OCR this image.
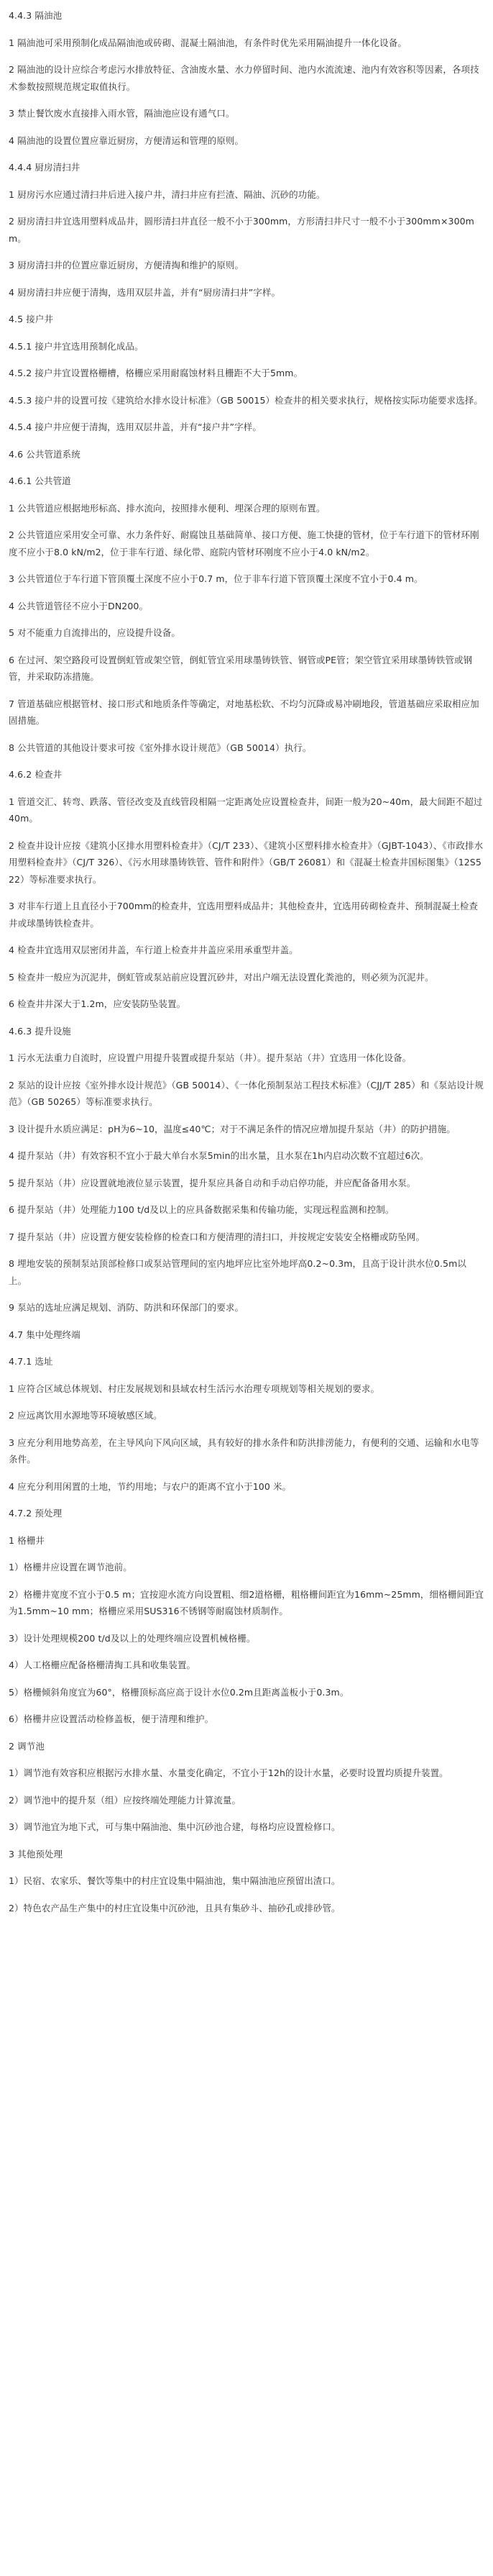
4.4.3 隔油池

1 隔油池可采用预制化成品隔油池或砖砌、混凝土隔油池，有条件时优先采用隔油提升一体化设备。

2 隔油池的设计应综合考虑污水排放特征、含油废水量、水力停留时间、池内水流流速、池内有效容积等因素，各项技术参数按照规范规定取值执行。

3 禁止餐饮废水直接排入雨水管，隔油池应设有通气口。

4 隔油池的设置位置应靠近厨房，方便清运和管理的原则。

4.4.4 厨房清扫井

1 厨房污水应通过清扫井后进入接户井，清扫井应有拦渣、隔油、沉砂的功能。

2 厨房清扫井宜选用塑料成品井，圆形清扫井直径一般不小于300mm，方形清扫井尺寸一般不小于300mm×300mm。

3 厨房清扫井的位置应靠近厨房，方便清掏和维护的原则。

4 厨房清扫井应便于清掏，选用双层井盖，并有“厨房清扫井”字样。

4.5 接户井

4.5.1 接户井宜选用预制化成品。

4.5.2 接户井宜设置格栅槽，格栅应采用耐腐蚀材料且栅距不大于5mm。

4.5.3 接户井的设置可按《建筑给水排水设计标准》（GB 50015）检查井的相关要求执行，规格按实际功能要求选择。

4.5.4 接户井应便于清掏，选用双层井盖，并有“接户井”字样。

4.6 公共管道系统

4.6.1 公共管道

1 公共管道应根据地形标高、排水流向，按照排水便利、埋深合理的原则布置。

2 公共管道应采用安全可靠、水力条件好、耐腐蚀且基础简单、接口方便、施工快捷的管材，位于车行道下的管材环刚度不应小于8.0 kN/m2，位于非车行道、绿化带、庭院内管材环刚度不应小于4.0 kN/m2。

3 公共管道位于车行道下管顶覆土深度不应小于0.7 m，位于非车行道下管顶覆土深度不宜小于0.4 m。

4 公共管道管径不应小于DN200。

5 对不能重力自流排出的，应设提升设备。

6 在过河、架空路段可设置倒虹管或架空管，倒虹管宜采用球墨铸铁管、钢管或PE管；架空管宜采用球墨铸铁管或钢管，并采取防冻措施。

7 管道基础应根据管材、接口形式和地质条件等确定，对地基松软、不均匀沉降或易冲刷地段，管道基础应采取相应加固措施。

8 公共管道的其他设计要求可按《室外排水设计规范》（GB 50014）执行。

4.6.2 检查井

1 管道交汇、转弯、跌落、管径改变及直线管段相隔一定距离处应设置检查井，间距一般为20~40m，最大间距不超过40m。

2 检查井设计应按《建筑小区排水用塑料检查井》（CJ/T 233）、《建筑小区塑料排水检查井》（GJBT-1043）、《市政排水用塑料检查井》（CJ/T 326）、《污水用球墨铸铁管、管件和附件》（GB/T 26081）和《混凝土检查井国标图集》（12S522）等标准要求执行。

3 对非车行道上且直径小于700mm的检查井，宜选用塑料成品井；其他检查井，宜选用砖砌检查井、预制混凝土检查井或球墨铸铁检查井。

4 检查井宜选用双层密闭井盖，车行道上检查井井盖应采用承重型井盖。

5 检查井一般应为沉泥井，倒虹管或泵站前应设置沉砂井，对出户端无法设置化粪池的，则必须为沉泥井。

6 检查井井深大于1.2m，应安装防坠装置。

4.6.3 提升设施

1 污水无法重力自流时，应设置户用提升装置或提升泵站（井）。提升泵站（井）宜选用一体化设备。

2 泵站的设计应按《室外排水设计规范》（GB 50014）、《一体化预制泵站工程技术标准》（CJJ/T 285）和《泵站设计规范》（GB 50265）等标准要求执行。

3 设计提升水质应满足：pH为6~10，温度≤40℃；对于不满足条件的情况应增加提升泵站（井）的防护措施。

4 提升泵站（井）有效容积不宜小于最大单台水泵5min的出水量，且水泵在1h内启动次数不宜超过6次。

5 提升泵站（井）应设置就地液位显示装置，提升泵应具备自动和手动启停功能，并应配备备用水泵。

6 提升泵站（井）处理能力100 t/d及以上的应具备数据采集和传输功能，实现远程监测和控制。

7 提升泵站（井）应设置方便安装检修的检查口和方便清理的清扫口，并按规定安装安全格栅或防坠网。

8 埋地安装的预制泵站顶部检修口或泵站管理间的室内地坪应比室外地坪高0.2~0.3m，且高于设计洪水位0.5m以上。

9 泵站的选址应满足规划、消防、防洪和环保部门的要求。

4.7 集中处理终端

4.7.1 选址

1 应符合区域总体规划、村庄发展规划和县域农村生活污水治理专项规划等相关规划的要求。

2 应远离饮用水源地等环境敏感区域。

3 应充分利用地势高差，在主导风向下风向区域，具有较好的排水条件和防洪排涝能力，有便利的交通、运输和水电等条件。

4 应充分利用闲置的土地，节约用地；与农户的距离不宜小于100 米。

4.7.2 预处理

1 格栅井

1）格栅井应设置在调节池前。

2）格栅井宽度不宜小于0.5 m；宜按迎水流方向设置粗、细2道格栅，粗格栅间距宜为16mm~25mm，细格栅间距宜为1.5mm~10 mm；格栅应采用SUS316不锈钢等耐腐蚀材质制作。

3）设计处理规模200 t/d及以上的处理终端应设置机械格栅。

4）人工格栅应配备格栅清掏工具和收集装置。

5）格栅倾斜角度宜为60°，格栅顶标高应高于设计水位0.2m且距离盖板小于0.3m。

6）格栅井应设置活动检修盖板，便于清理和维护。

2 调节池

1）调节池有效容积应根据污水排水量、水量变化确定，不宜小于12h的设计水量，必要时设置均质提升装置。

2）调节池中的提升泵（组）应按终端处理能力计算流量。

3）调节池宜为地下式，可与集中隔油池、集中沉砂池合建，每格均应设置检修口。

3 其他预处理

1）民宿、农家乐、餐饮等集中的村庄宜设集中隔油池，集中隔油池应预留出渣口。

2）特色农产品生产集中的村庄宜设集中沉砂池，且具有集砂斗、抽砂孔或排砂管。
